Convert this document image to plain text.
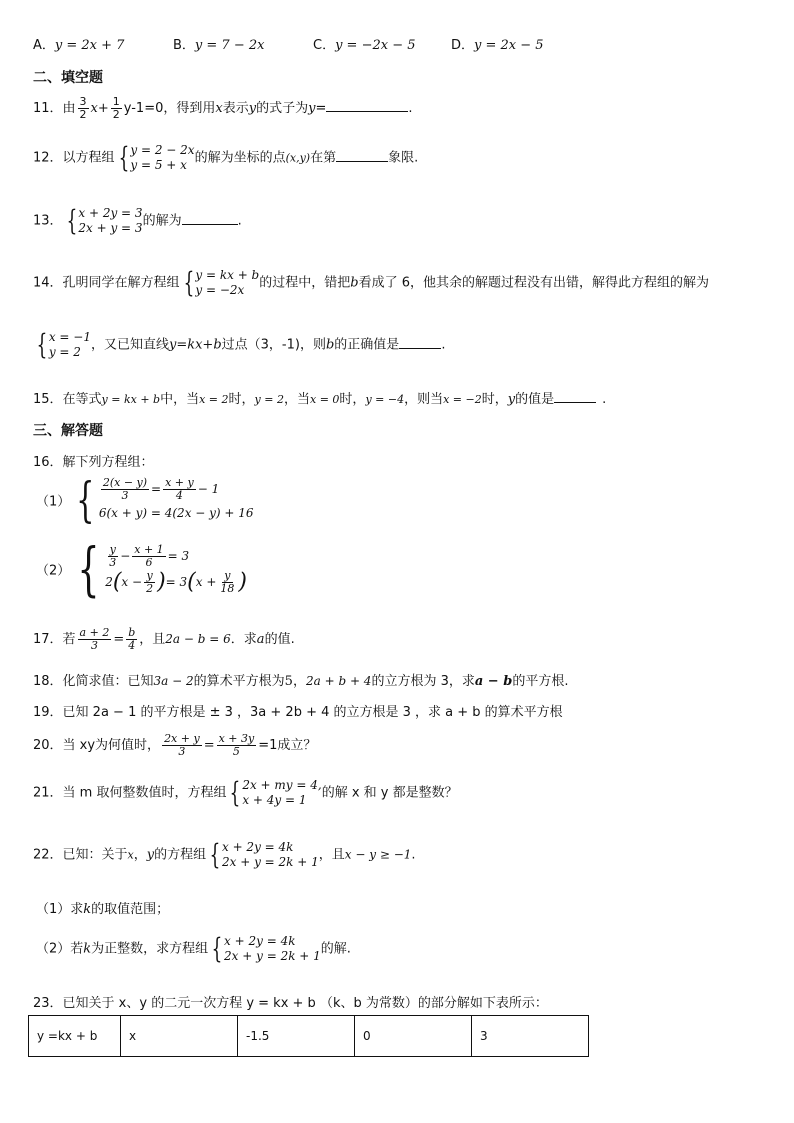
A．y = 2x + 7	B．y = 7 − 2x	C．y = −2x − 5	D．y = 2x − 5
二、填空题
11．由 $\frac{3}{2} x+ \frac{1}{2} y-1=0$，得到用x表示y的式子为y=	.
12．以方程组 { y = 2 − 2x
y = 5 + x 的解为坐标的点(x,y)在第	象限.
13． { x + 2y = 3
2x + y = 3 的解为	.
14．孔明同学在解方程组 { y = kx + b
y = −2x	的过程中，错把b看成了 6，他其余的解题过程没有出错，解得此方程组的解为
{ x = −1
y = 2 ，又已知直线y=kx+b过点（3，-1)，则b的正确值是	.
15．在等式y = kx + b中，当x = 2时，y = 2，当x = 0时，y = −4，则当x = −2时，y的值是	.
三、解答题
16．解下列方程组：
（1） { $\frac{2(x - y)}{3} = \frac{x + y}{4} - 1$
6(x + y) = 4(2x − y) + 16
（2） { $\frac{y}{3} - \frac{x + 1}{6} = 3$
$2(x - \frac{y}{2}$ )= $3(x + \frac{y}{18}$ )
17．若 $\frac{a + 2}{3} = \frac{b}{4}$ ，且2a − b = 6．求a的值.
18．化简求值：已知3a − 2的算术平方根为5，2a + b + 4的立方根为 3，求a − b的平方根.
19．已知 2a − 1 的平方根是 ± 3 ，3a + 2b + 4 的立方根是 3 ，求 a + b 的算术平方根
20．当 xy为何值时， $\frac{2x + y}{3} = \frac{x + 3y}{5} =1$成立？
21．当 m 取何整数值时，方程组 { 2x + my = 4,
x + 4y = 1	的解 x 和 y 都是整数？
22．已知：关于x，y的方程组 { x + 2y = 4k
2x + y = 2k + 1 ，且x − y ≥ −1.
（1）求k的取值范围；
（2）若k为正整数，求方程组 { x + 2y = 4k
2x + y = 2k + 1 的解.
23．已知关于 x、y 的二元一次方程 y = kx + b （k、b 为常数）的部分解如下表所示：
y =kx + b	x	-1.5	0	3
